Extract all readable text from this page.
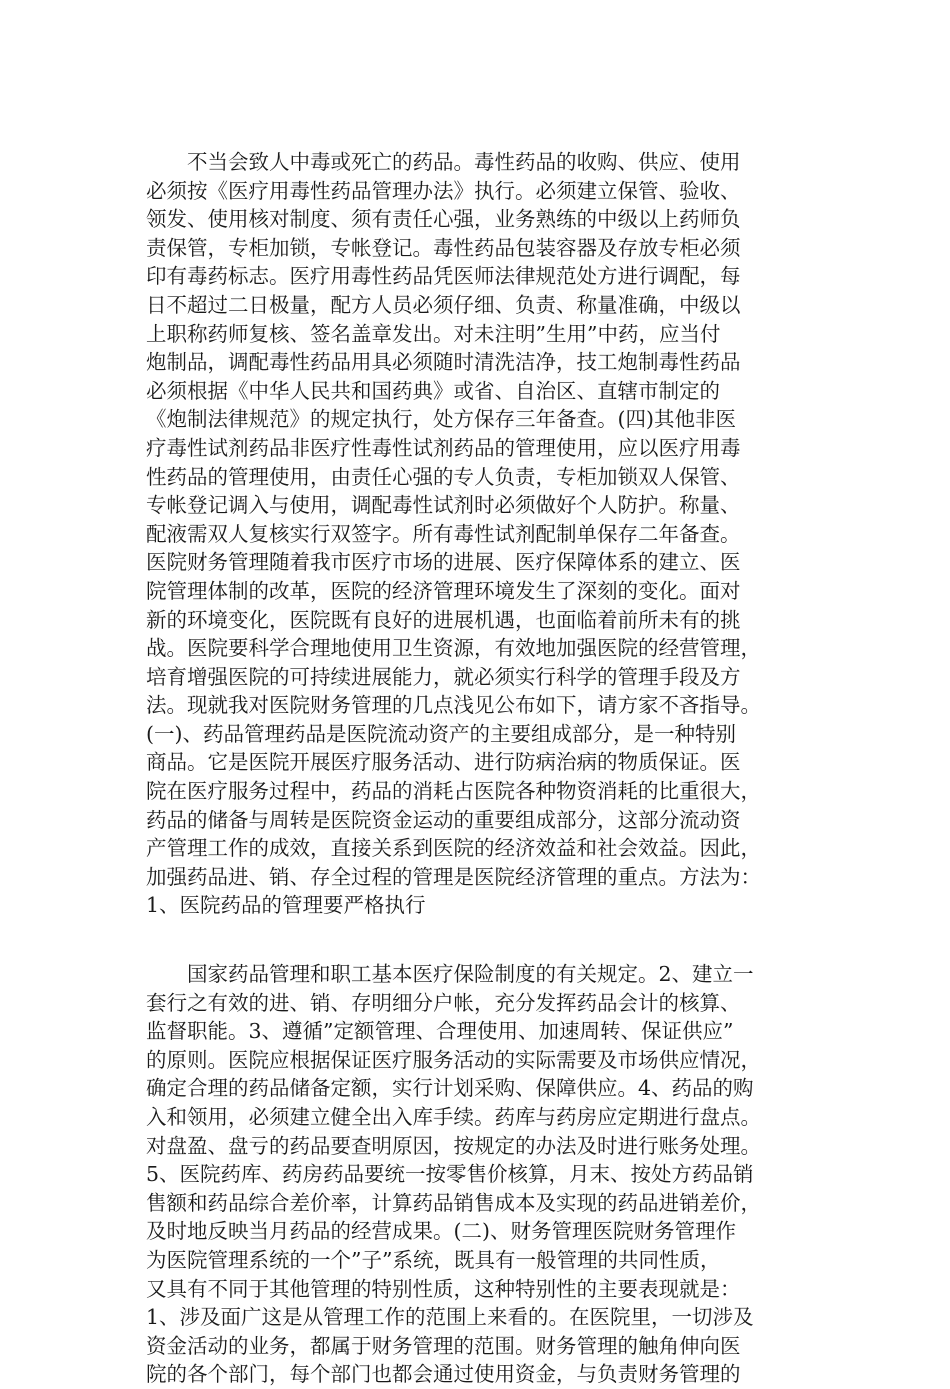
　　不当会致人中毒或死亡的药品。毒性药品的收购、供应、使用
必须按《医疗用毒性药品管理办法》执行。必须建立保管、验收、
领发、使用核对制度、须有责任心强，业务熟练的中级以上药师负
责保管，专柜加锁，专帐登记。毒性药品包装容器及存放专柜必须
印有毒药标志。医疗用毒性药品凭医师法律规范处方进行调配，每
日不超过二日极量，配方人员必须仔细、负责、称量准确，中级以
上职称药师复核、签名盖章发出。对未注明”生用”中药，应当付
炮制品，调配毒性药品用具必须随时清洗洁净，技工炮制毒性药品
必须根据《中华人民共和国药典》或省、自治区、直辖市制定的
《炮制法律规范》的规定执行，处方保存三年备查。(四)其他非医
疗毒性试剂药品非医疗性毒性试剂药品的管理使用，应以医疗用毒
性药品的管理使用，由责任心强的专人负责，专柜加锁双人保管、
专帐登记调入与使用，调配毒性试剂时必须做好个人防护。称量、
配液需双人复核实行双签字。所有毒性试剂配制单保存二年备查。
医院财务管理随着我市医疗市场的进展、医疗保障体系的建立、医
院管理体制的改革，医院的经济管理环境发生了深刻的变化。面对
新的环境变化，医院既有良好的进展机遇，也面临着前所未有的挑
战。医院要科学合理地使用卫生资源，有效地加强医院的经营管理，
培育增强医院的可持续进展能力，就必须实行科学的管理手段及方
法。现就我对医院财务管理的几点浅见公布如下，请方家不吝指导。
(一)、药品管理药品是医院流动资产的主要组成部分，是一种特别
商品。它是医院开展医疗服务活动、进行防病治病的物质保证。医
院在医疗服务过程中，药品的消耗占医院各种物资消耗的比重很大，
药品的储备与周转是医院资金运动的重要组成部分，这部分流动资
产管理工作的成效，直接关系到医院的经济效益和社会效益。因此，
加强药品进、销、存全过程的管理是医院经济管理的重点。方法为：
1、医院药品的管理要严格执行
　　国家药品管理和职工基本医疗保险制度的有关规定。2、建立一
套行之有效的进、销、存明细分户帐，充分发挥药品会计的核算、
监督职能。3、遵循”定额管理、合理使用、加速周转、保证供应”
的原则。医院应根据保证医疗服务活动的实际需要及市场供应情况，
确定合理的药品储备定额，实行计划采购、保障供应。4、药品的购
入和领用，必须建立健全出入库手续。药库与药房应定期进行盘点。
对盘盈、盘亏的药品要查明原因，按规定的办法及时进行账务处理。
5、医院药库、药房药品要统一按零售价核算，月末、按处方药品销
售额和药品综合差价率，计算药品销售成本及实现的药品进销差价，
及时地反映当月药品的经营成果。(二)、财务管理医院财务管理作
为医院管理系统的一个”子”系统，既具有一般管理的共同性质，
又具有不同于其他管理的特别性质，这种特别性的主要表现就是：
1、涉及面广这是从管理工作的范围上来看的。在医院里，一切涉及
资金活动的业务，都属于财务管理的范围。财务管理的触角伸向医
院的各个部门，每个部门也都会通过使用资金，与负责财务管理的
